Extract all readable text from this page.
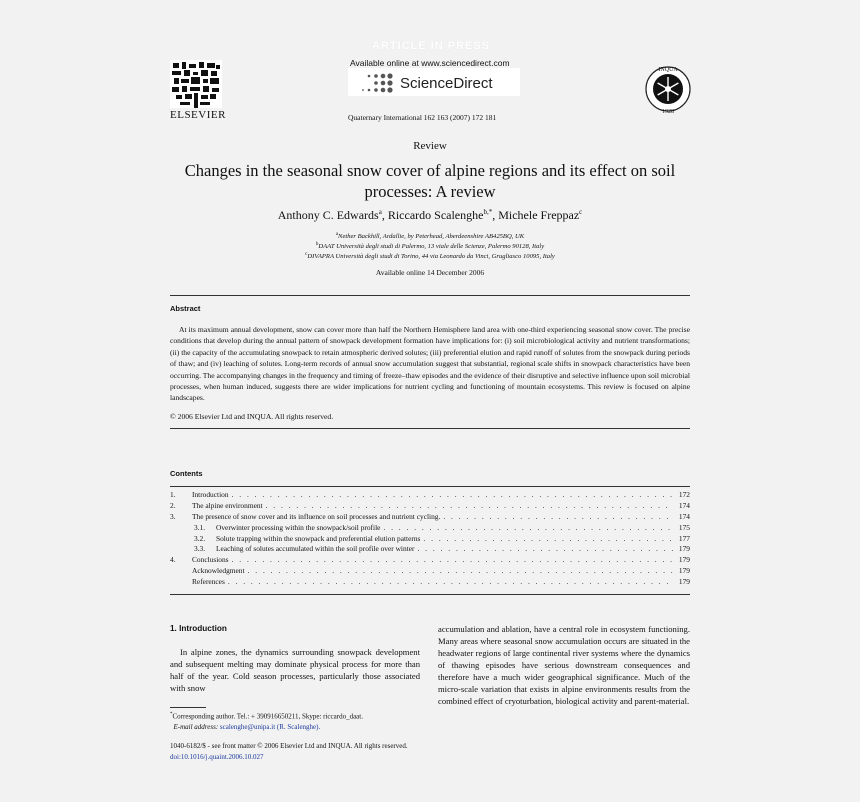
ARTICLE IN PRESS
ELSEVIER
Available online at www.sciencedirect.com
ScienceDirect
Quaternary International 162 163 (2007) 172 181
INQUA
1928
Review
Changes in the seasonal snow cover of alpine regions and its effect on soil processes: A review
Anthony C. Edwards$^a$, Riccardo Scalenghe$^{b,*}$, Michele Freppaz$^c$
$^a$Nether Backhill, Ardallie, by Peterhead, Aberdeenshire AB425BQ, UK
$^b$DAAT Università degli studi di Palermo, 13 viale delle Scienze, Palermo 90128, Italy
$^c$DIVAPRA Università degli studi di Torino, 44 via Leonardo da Vinci, Grugliasco 10095, Italy
Available online 14 December 2006
Abstract

At its maximum annual development, snow can cover more than half the Northern Hemisphere land area with one-third experiencing seasonal snow cover. The precise conditions that develop during the annual pattern of snowpack development formation have implications for: (i) soil microbiological activity and nutrient transformations; (ii) the capacity of the accumulating snowpack to retain atmospheric derived solutes; (iii) preferential elution and rapid runoff of solutes from the snowpack during periods of thaw; and (iv) leaching of solutes. Long-term records of annual snow accumulation suggest that substantial, regional scale shifts in snowpack characteristics have been occurring. The accompanying changes in the frequency and timing of freeze–thaw episodes and the evidence of their disruptive and selective influence upon soil microbial processes, when human induced, suggests there are wider implications for nutrient cycling and functioning of mountain ecosystems. This review is focused on alpine landscapes.

© 2006 Elsevier Ltd and INQUA. All rights reserved.
Contents
1.	Introduction . . .	172
2.	The alpine environment . . .	174
3.	The presence of snow cover and its influence on soil processes and nutrient cycling. . . .	174
3.1.	Overwinter processing within the snowpack/soil profile . . .	175
3.2.	Solute trapping within the snowpack and preferential elution patterns . . .	177
3.3.	Leaching of solutes accumulated within the soil profile over winter . . .	179
4.	Conclusions . . .	179
Acknowledgment . . .	179
References . . .	179
1. Introduction

In alpine zones, the dynamics surrounding snowpack development and subsequent melting may dominate physical process for more than half of the year. Cold season processes, particularly those associated with snow

accumulation and ablation, have a central role in ecosystem functioning. Many areas where seasonal snow accumulation occurs are situated in the headwater regions of large continental river systems where the dynamics of thawing episodes have serious downstream consequences and therefore have a much wider geographical significance. Much of the micro-scale variation that exists in alpine environments results from the combined effect of cryoturbation, biological activity and parent-material.

*Corresponding author. Tel.: + 390916650211, Skype: riccardo_daat.
E-mail address: scalenghe@unipa.it (R. Scalenghe).
1040-6182/$ - see front matter © 2006 Elsevier Ltd and INQUA. All rights reserved.
doi:10.1016/j.quaint.2006.10.027
